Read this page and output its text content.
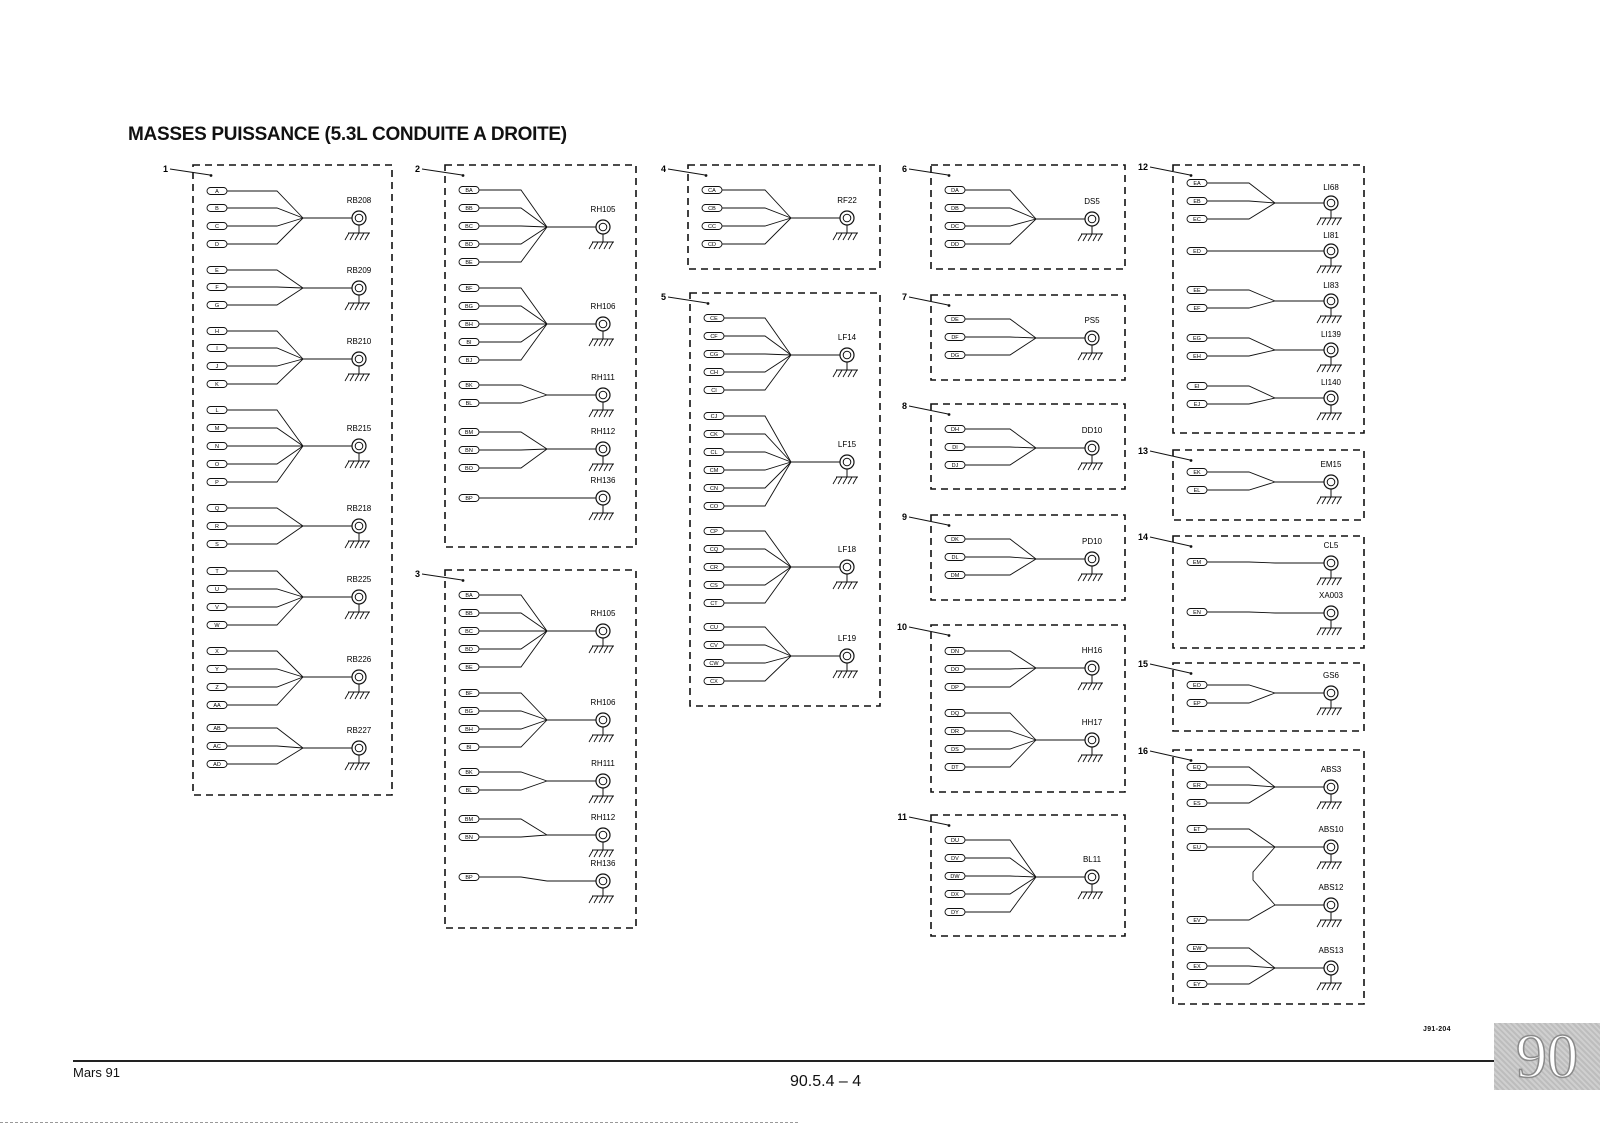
MASSES PUISSANCE (5.3L CONDUITE A DROITE)
1
A
B
C
D
RB208
E
F
G
RB209
H
I
J
K
RB210
L
M
N
O
P
RB215
Q
R
S
RB218
T
U
V
W
RB225
X
Y
Z
AA
RB226
AB
AC
AD
RB227
2
BA
BB
BC
BD
BE
RH105
BF
BG
BH
BI
BJ
RH106
BK
BL
RH111
BM
BN
BO
RH112
BP
RH136
3
BA
BB
BC
BD
BE
RH105
BF
BG
BH
BI
RH106
BK
BL
RH111
BM
BN
RH112
BP
RH136
4
CA
CB
CC
CD
RF22
5
CE
CF
CG
CH
CI
LF14
CJ
CK
CL
CM
CN
CO
LF15
CP
CQ
CR
CS
CT
LF18
CU
CV
CW
CX
LF19
6
DA
DB
DC
DD
DS5
7
DE
DF
DG
PS5
8
DH
DI
DJ
DD10
9
DK
DL
DM
PD10
10
DN
DO
DP
HH16
DQ
DR
DS
DT
HH17
11
DU
DV
DW
DX
DY
BL11
12
EA
EB
EC
LI68
ED
LI81
EE
EF
LI83
EG
EH
LI139
EI
EJ
LI140
13
EK
EL
EM15
14
EM
CL5
EN
XA003
15
EO
EP
GS6
16
EQ
ER
ES
ABS3
ET
EU
ABS10
EV
ABS12
EW
EX
EY
ABS13
Mars 91
90.5.4 – 4
J91-204 90
